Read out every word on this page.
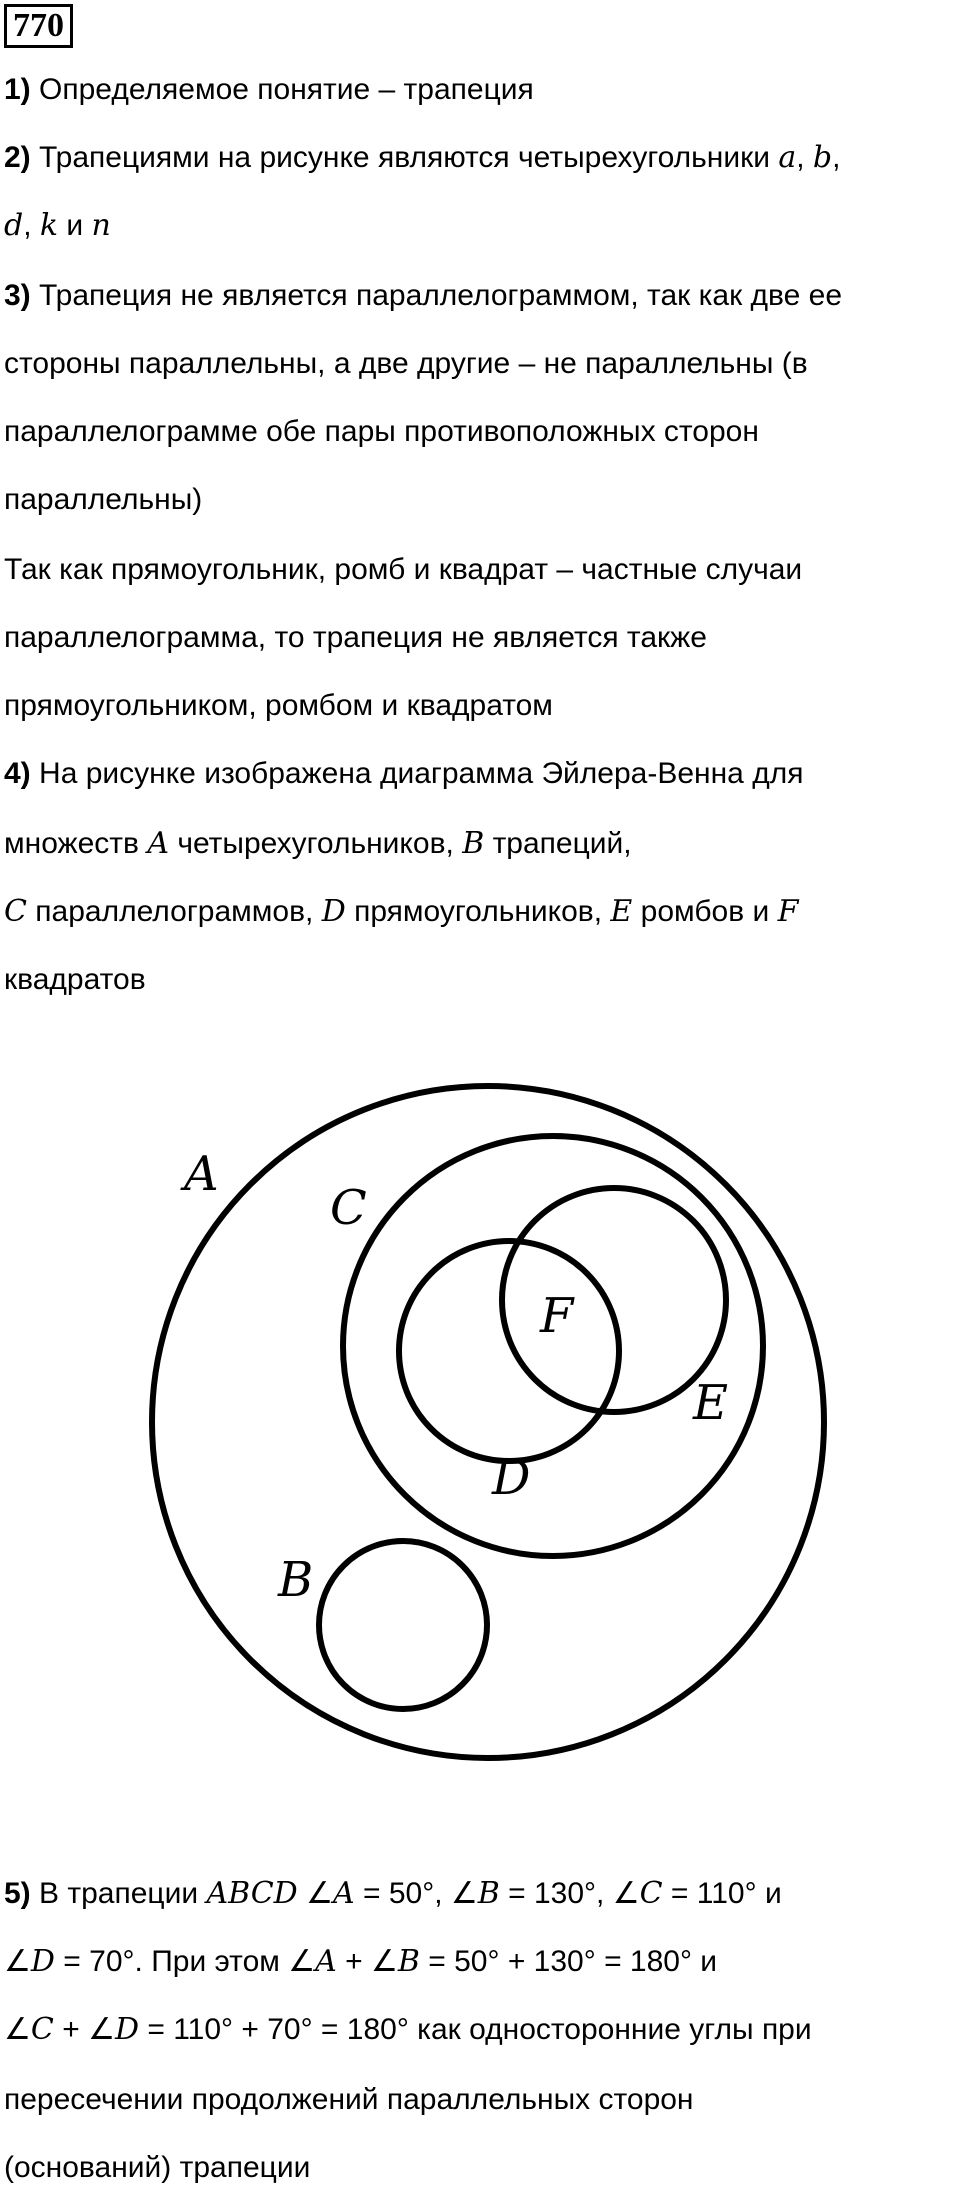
770
1) Определяемое понятие – трапеция
2) Трапециями на рисунке являются четырехугольники a, b,
d, k и n
3) Трапеция не является параллелограммом, так как две ее
стороны параллельны, а две другие – не параллельны (в
параллелограмме обе пары противоположных сторон
параллельны)
Так как прямоугольник, ромб и квадрат – частные случаи
параллелограмма, то трапеция не является также
прямоугольником, ромбом и квадратом
4) На рисунке изображена диаграмма Эйлера-Венна для
множеств A четырехугольников, B трапеций,
C параллелограммов, D прямоугольников, E ромбов и F
квадратов
5) В трапеции ABCD ∠A = 50°, ∠B = 130°, ∠C = 110° и
∠D = 70°. При этом ∠A + ∠B = 50° + 130° = 180° и
∠C + ∠D = 110° + 70° = 180° как односторонние углы при
пересечении продолжений параллельных сторон
(оснований) трапеции
A
C
F
E
D
B
